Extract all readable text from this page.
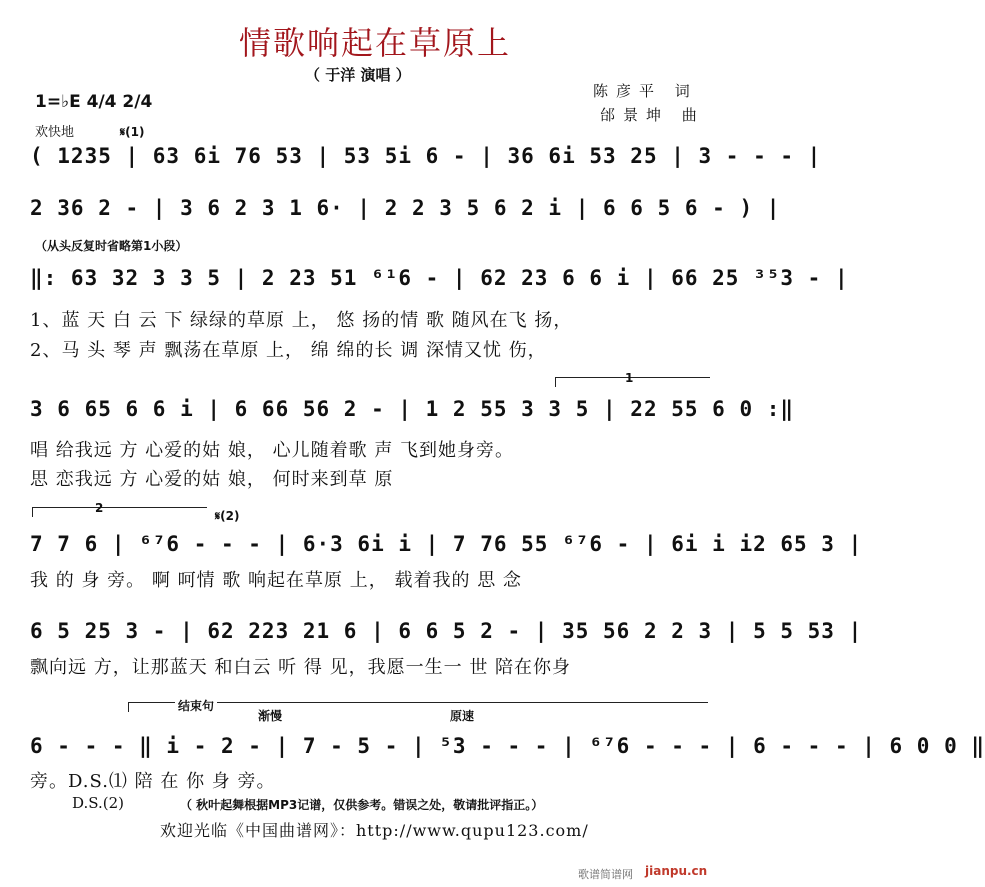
情歌响起在草原上
（ 于洋 演唱 ）
陈彦平 词
邰景坤 曲
1=♭E 4/4 2/4
欢快地	𝄋(1)
( 1235 | 63 6i 76 53 | 53 5i 6 - | 36 6i 53 25 | 3 - - - |
2 36 2 - | 3 6 2 3 1 6· | 2 2 3 5 6 2 i | 6 6 5 6 - ) |
（从头反复时省略第1小段）
‖: 63 32 3 3 5 | 2 23 51 ⁶¹6 - | 62 23 6 6 i | 66 25 ³⁵3 - |
1、蓝 天 白 云 下 绿绿的草原 上， 悠 扬的情 歌 随风在飞 扬，
2、马 头 琴 声 飘荡在草原 上， 绵 绵的长 调 深情又忧 伤，
1
3 6 65 6 6 i | 6 66 56 2 - | 1 2 55 3 3 5 | 22 55 6 0 :‖
唱 给我远 方 心爱的姑 娘， 心儿随着歌 声 飞到她身旁。
思 恋我远 方 心爱的姑 娘， 何时来到草 原
2
𝄋(2)
7 7 6 | ⁶⁷6 - - - | 6·3 6i i | 7 76 55 ⁶⁷6 - | 6i i i2 65 3 |
我 的 身 旁。 啊 呵情 歌 响起在草原 上， 载着我的 思 念
6 5 25 3 - | 62 223 21 6 | 6 6 5 2 - | 35 56 2 2 3 | 5 5 53 |
飘向远 方，让那蓝天 和白云 听 得 见，我愿一生一 世 陪在你身
结束句
渐慢	原速
6 - - - ‖ i - 2 - | 7 - 5 - | ⁵3 - - - | ⁶⁷6 - - - | 6 - - - | 6 0 0 ‖
旁。D.S.⑴ 陪 在 你 身 旁。
D.S.(2)	（ 秋叶起舞根据MP3记谱，仅供参考。错误之处，敬请批评指正。）
欢迎光临《中国曲谱网》：http://www.qupu123.com/
歌谱简谱网 jianpu.cn
